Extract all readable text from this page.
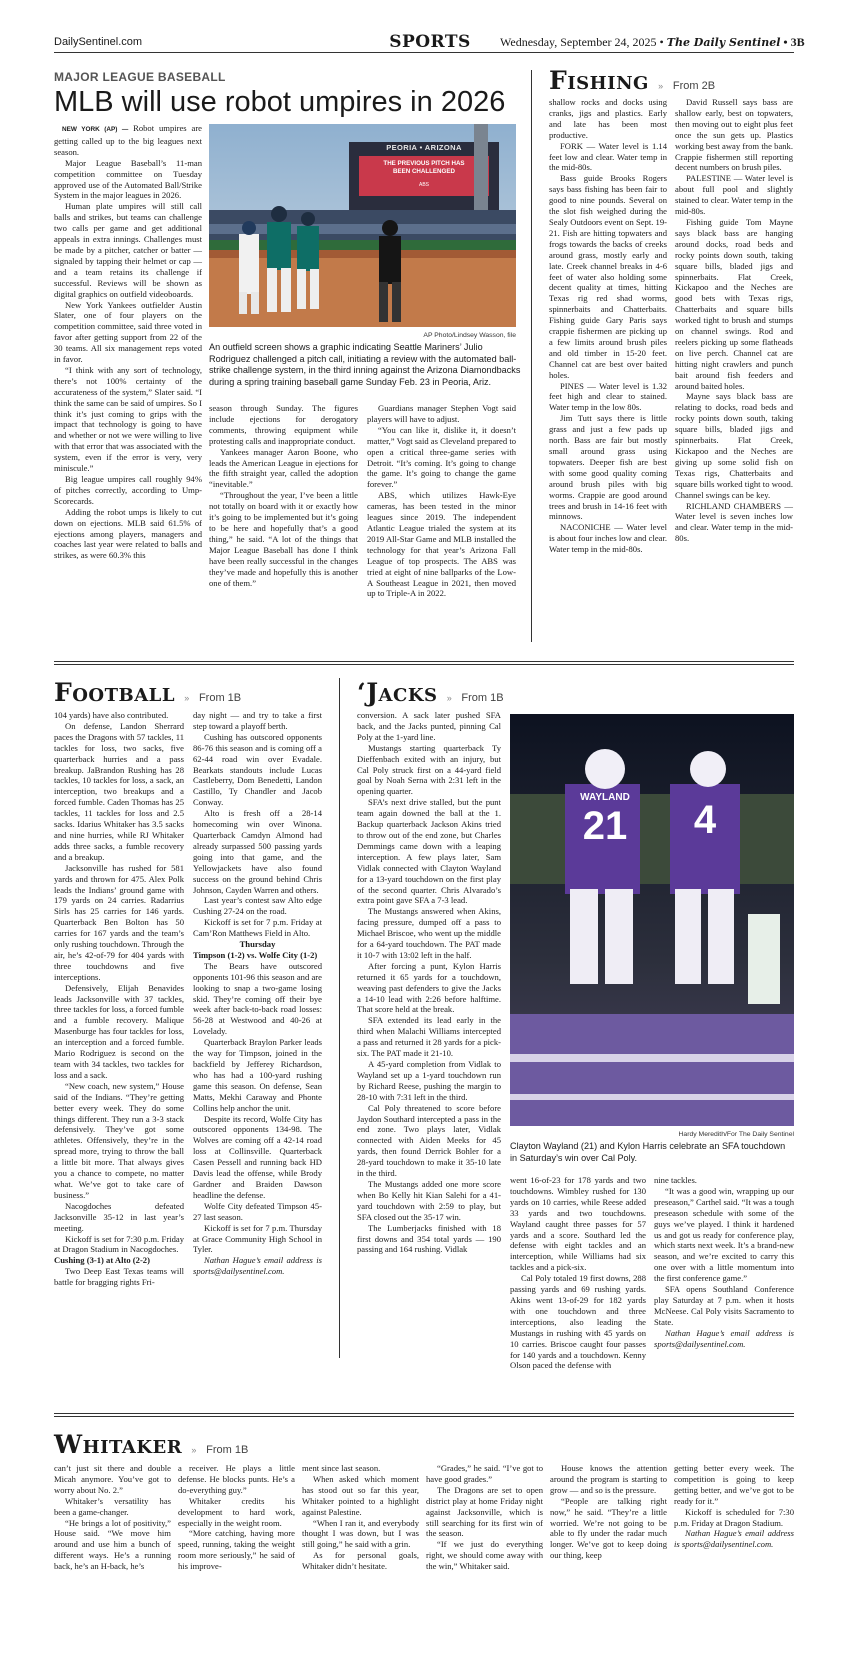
DailySentinel.com	SPORTS	Wednesday, September 24, 2025 • The Daily Sentinel • 3B
MAJOR LEAGUE BASEBALL
MLB will use robot umpires in 2026

NEW YORK (AP) — Robot umpires are getting called up to the big leagues next season.

Major League Baseball’s 11-man competition committee on Tuesday approved use of the Automated Ball/Strike System in the major leagues in 2026.

Human plate umpires will still call balls and strikes, but teams can challenge two calls per game and get additional appeals in extra innings. Challenges must be made by a pitcher, catcher or batter — signaled by tapping their helmet or cap — and a team retains its challenge if successful. Reviews will be shown as digital graphics on outfield videoboards.

New York Yankees outfielder Austin Slater, one of four players on the competition committee, said three voted in favor after getting support from 22 of the 30 teams. All six management reps voted in favor.

“I think with any sort of technology, there’s not 100% certainty of the accurateness of the system,” Slater said. “I think the same can be said of umpires. So I think it’s just coming to grips with the impact that technology is going to have and whether or not we were willing to live with that error that was associated with the system, even if the error is very, very miniscule.”

Big league umpires call roughly 94% of pitches correctly, according to Ump-Scorecards.

Adding the robot umps is likely to cut down on ejections. MLB said 61.5% of ejections among players, managers and coaches last year were related to balls and strikes, as were 60.3% this

PEORIA • ARIZONA
THE PREVIOUS PITCH HAS BEEN CHALLENGED
ABS
AP Photo/Lindsey Wasson, file
An outfield screen shows a graphic indicating Seattle Mariners’ Julio Rodriguez challenged a pitch call, initiating a review with the automated ball-strike challenge system, in the third inning against the Arizona Diamondbacks during a spring training baseball game Sunday Feb. 23 in Peoria, Ariz.

season through Sunday. The figures include ejections for derogatory comments, throwing equipment while protesting calls and inappropriate conduct.

Yankees manager Aaron Boone, who leads the American League in ejections for the fifth straight year, called the adoption “inevitable.”

“Throughout the year, I’ve been a little not totally on board with it or exactly how it’s going to be implemented but it’s going to be here and hopefully that’s a good thing,” he said. “A lot of the things that Major League Baseball has done I think have been really successful in the changes they’ve made and hopefully this is another one of them.”

Guardians manager Stephen Vogt said players will have to adjust.

“You can like it, dislike it, it doesn’t matter,” Vogt said as Cleveland prepared to open a critical three-game series with Detroit. “It’s coming. It’s going to change the game. It’s going to change the game forever.”

ABS, which utilizes Hawk-Eye cameras, has been tested in the minor leagues since 2019. The independent Atlantic League trialed the system at its 2019 All-Star Game and MLB installed the technology for that year’s Arizona Fall League of top prospects. The ABS was tried at eight of nine ballparks of the Low-A Southeast League in 2021, then moved up to Triple-A in 2022.

Fishing » From 2B

shallow rocks and docks using cranks, jigs and plastics. Early and late has been most productive.

FORK — Water level is 1.14 feet low and clear. Water temp in the mid-80s.

Bass guide Brooks Rogers says bass fishing has been fair to good to nine pounds. Several on the slot fish weighed during the Sealy Outdoors event on Sept. 19-21. Fish are hitting topwaters and frogs towards the backs of creeks around grass, mostly early and late. Creek channel breaks in 4-6 feet of water also holding some decent quality at times, hitting Texas rig red shad worms, spinnerbaits and Chatterbaits. Fishing guide Gary Paris says crappie fishermen are picking up a few limits around brush piles and old timber in 15-20 feet. Channel cat are best over baited holes.

PINES — Water level is 1.32 feet high and clear to stained. Water temp in the low 80s.

Jim Tutt says there is little grass and just a few pads up north. Bass are fair but mostly small around grass using topwaters. Deeper fish are best with some good quality coming around brush piles with big worms. Crappie are good around trees and brush in 14-16 feet with minnows.

NACONICHE — Water level is about four inches low and clear. Water temp in the mid-80s.

David Russell says bass are shallow early, best on topwaters, then moving out to eight plus feet once the sun gets up. Plastics working best away from the bank. Crappie fishermen still reporting decent numbers on brush piles.

PALESTINE — Water level is about full pool and slightly stained to clear. Water temp in the mid-80s.

Fishing guide Tom Mayne says black bass are hanging around docks, road beds and rocky points down south, taking square bills, bladed jigs and spinnerbaits. Flat Creek, Kickapoo and the Neches are good bets with Texas rigs, Chatterbaits and square bills worked tight to brush and stumps on channel swings. Rod and reelers picking up some flatheads on live perch. Channel cat are hitting night crawlers and punch bait around fish feeders and around baited holes.

Mayne says black bass are relating to docks, road beds and rocky points down south, taking square bills, bladed jigs and spinnerbaits. Flat Creek, Kickapoo and the Neches are giving up some solid fish on Texas rigs, Chatterbaits and square bills worked tight to wood. Channel swings can be key.

RICHLAND CHAMBERS — Water level is seven inches low and clear. Water temp in the mid-80s.

Football » From 1B

104 yards) have also contributed.

On defense, Landon Sherrard paces the Dragons with 57 tackles, 11 tackles for loss, two sacks, five quarterback hurries and a pass breakup. JaBrandon Rushing has 28 tackles, 10 tackles for loss, a sack, an interception, two breakups and a forced fumble. Caden Thomas has 25 tackles, 11 tackles for loss and 2.5 sacks. Idarius Whitaker has 3.5 sacks and nine hurries, while RJ Whitaker adds three sacks, a fumble recovery and a breakup.

Jacksonville has rushed for 581 yards and thrown for 475. Alex Polk leads the Indians’ ground game with 179 yards on 24 carries. Radarrius Sirls has 25 carries for 146 yards. Quarterback Ben Bolton has 50 carries for 167 yards and the team’s only rushing touchdown. Through the air, he’s 42-of-79 for 404 yards with three touchdowns and five interceptions.

Defensively, Elijah Benavides leads Jacksonville with 37 tackles, three tackles for loss, a forced fumble and a fumble recovery. Malique Masenburge has four tackles for loss, an interception and a forced fumble. Mario Rodriguez is second on the team with 34 tackles, two tackles for loss and a sack.

“New coach, new system,” House said of the Indians. “They’re getting better every week. They do some things different. They run a 3-3 stack defensively. They’ve got some athletes. Offensively, they’re in the spread more, trying to throw the ball a little bit more. That always gives you a chance to compete, no matter what. We’ve got to take care of business.”

Nacogdoches defeated Jacksonville 35-12 in last year’s meeting.

Kickoff is set for 7:30 p.m. Friday at Dragon Stadium in Nacogdoches.

Cushing (3-1) at Alto (2-2)

Two Deep East Texas teams will battle for bragging rights Fri-

day night — and try to take a first step toward a playoff berth.

Cushing has outscored opponents 86-76 this season and is coming off a 62-44 road win over Evadale. Bearkats standouts include Lucas Castleberry, Dom Benedetti, Landon Castillo, Ty Chandler and Jacob Conway.

Alto is fresh off a 28-14 homecoming win over Winona. Quarterback Camdyn Almond had already surpassed 500 passing yards going into that game, and the Yellowjackets have also found success on the ground behind Chris Johnson, Cayden Warren and others.

Last year’s contest saw Alto edge Cushing 27-24 on the road.

Kickoff is set for 7 p.m. Friday at Cam’Ron Matthews Field in Alto.

Thursday

Timpson (1-2) vs. Wolfe City (1-2)

The Bears have outscored opponents 101-96 this season and are looking to snap a two-game losing skid. They’re coming off their bye week after back-to-back road losses: 56-28 at Westwood and 40-26 at Lovelady.

Quarterback Braylon Parker leads the way for Timpson, joined in the backfield by Jefferey Richardson, who has had a 100-yard rushing game this season. On defense, Sean Matts, Mekhi Caraway and Phonte Collins help anchor the unit.

Despite its record, Wolfe City has outscored opponents 134-98. The Wolves are coming off a 42-14 road loss at Collinsville. Quarterback Casen Pessell and running back HD Davis lead the offense, while Brody Gardner and Braiden Dawson headline the defense.

Wolfe City defeated Timpson 45-27 last season.

Kickoff is set for 7 p.m. Thursday at Grace Community High School in Tyler.

Nathan Hague’s email address is sports@dailysentinel.com.

‘Jacks » From 1B

conversion. A sack later pushed SFA back, and the Jacks punted, pinning Cal Poly at the 1-yard line.

Mustangs starting quarterback Ty Dieffenbach exited with an injury, but Cal Poly struck first on a 44-yard field goal by Noah Serna with 2:31 left in the opening quarter.

SFA’s next drive stalled, but the punt team again downed the ball at the 1. Backup quarterback Jackson Akins tried to throw out of the end zone, but Charles Demmings came down with a leaping interception. A few plays later, Sam Vidlak connected with Clayton Wayland for a 13-yard touchdown on the first play of the second quarter. Chris Alvarado’s extra point gave SFA a 7-3 lead.

The Mustangs answered when Akins, facing pressure, dumped off a pass to Michael Briscoe, who went up the middle for a 64-yard touchdown. The PAT made it 10-7 with 13:02 left in the half.

After forcing a punt, Kylon Harris returned it 65 yards for a touchdown, weaving past defenders to give the Jacks a 14-10 lead with 2:26 before halftime. That score held at the break.

SFA extended its lead early in the third when Malachi Williams intercepted a pass and returned it 28 yards for a pick-six. The PAT made it 21-10.

A 45-yard completion from Vidlak to Wayland set up a 1-yard touchdown run by Richard Reese, pushing the margin to 28-10 with 7:31 left in the third.

Cal Poly threatened to score before Jaydon Southard intercepted a pass in the end zone. Two plays later, Vidlak connected with Aiden Meeks for 45 yards, then found Derrick Bohler for a 28-yard touchdown to make it 35-10 late in the third.

The Mustangs added one more score when Bo Kelly hit Kian Salehi for a 41-yard touchdown with 2:59 to play, but SFA closed out the 35-17 win.

The Lumberjacks finished with 18 first downs and 354 total yards — 190 passing and 164 rushing. Vidlak

WAYLAND
21	4
Hardy Meredith/For The Daily Sentinel
Clayton Wayland (21) and Kylon Harris celebrate an SFA touchdown in Saturday’s win over Cal Poly.

went 16-of-23 for 178 yards and two touchdowns. Wimbley rushed for 130 yards on 10 carries, while Reese added 33 yards and two touchdowns. Wayland caught three passes for 57 yards and a score. Southard led the defense with eight tackles and an interception, while Williams had six tackles and a pick-six.

Cal Poly totaled 19 first downs, 288 passing yards and 69 rushing yards. Akins went 13-of-29 for 182 yards with one touchdown and three interceptions, also leading the Mustangs in rushing with 45 yards on 10 carries. Briscoe caught four passes for 140 yards and a touchdown. Kenny Olson paced the defense with

nine tackles.

“It was a good win, wrapping up our preseason,” Carthel said. “It was a tough preseason schedule with some of the guys we’ve played. I think it hardened us and got us ready for conference play, which starts next week. It’s a brand-new season, and we’re excited to carry this one over with a little momentum into the first conference game.”

SFA opens Southland Conference play Saturday at 7 p.m. when it hosts McNeese. Cal Poly visits Sacramento to State.

Nathan Hague’s email address is sports@dailysentinel.com.

Whitaker » From 1B

can’t just sit there and double Micah anymore. You’ve got to worry about No. 2.”

Whitaker’s versatility has been a game-changer.

“He brings a lot of positivity,” House said. “We move him around and use him a bunch of different ways. He’s a running back, he’s an H-back, he’s

a receiver. He plays a little defense. He blocks punts. He’s a do-everything guy.”

Whitaker credits his development to hard work, especially in the weight room.

“More catching, having more speed, running, taking the weight room more seriously,” he said of his improve-

ment since last season.

When asked which moment has stood out so far this year, Whitaker pointed to a highlight against Palestine.

“When I ran it, and everybody thought I was down, but I was still going,” he said with a grin.

As for personal goals, Whitaker didn’t hesitate.

“Grades,” he said. “I’ve got to have good grades.”

The Dragons are set to open district play at home Friday night against Jacksonville, which is still searching for its first win of the season.

“If we just do everything right, we should come away with the win,” Whitaker said.

House knows the attention around the program is starting to grow — and so is the pressure.

“People are talking right now,” he said. “They’re a little worried. We’re not going to be able to fly under the radar much longer. We’ve got to keep doing our thing, keep

getting better every week. The competition is going to keep getting better, and we’ve got to be ready for it.”

Kickoff is scheduled for 7:30 p.m. Friday at Dragon Stadium.

Nathan Hague’s email address is sports@dailysentinel.com.
